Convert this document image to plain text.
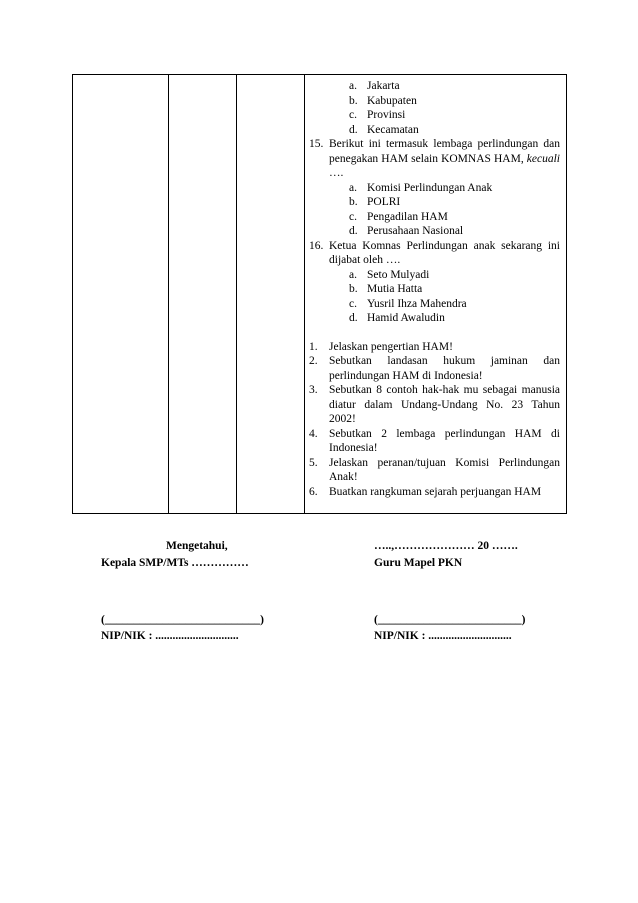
a. Jakarta
b. Kabupaten
c. Provinsi
d. Kecamatan
15. Berikut ini termasuk lembaga perlindungan dan penegakan HAM selain KOMNAS HAM, kecuali ….
a. Komisi Perlindungan Anak
b. POLRI
c. Pengadilan HAM
d. Perusahaan Nasional
16. Ketua Komnas Perlindungan anak sekarang ini dijabat oleh ….
a. Seto Mulyadi
b. Mutia Hatta
c. Yusril Ihza Mahendra
d. Hamid Awaludin
1. Jelaskan pengertian HAM!
2. Sebutkan landasan hukum jaminan dan perlindungan HAM di Indonesia!
3. Sebutkan 8 contoh hak-hak mu sebagai manusia diatur dalam Undang-Undang No. 23 Tahun 2002!
4. Sebutkan 2 lembaga perlindungan HAM di Indonesia!
5. Jelaskan peranan/tujuan Komisi Perlindungan Anak!
6. Buatkan rangkuman sejarah perjuangan HAM
Mengetahui,
Kepala SMP/MTs ……………
(___________________________)
NIP/NIK : .............................
…..,………………… 20 …….
Guru Mapel PKN
(_________________________)
NIP/NIK : .............................
